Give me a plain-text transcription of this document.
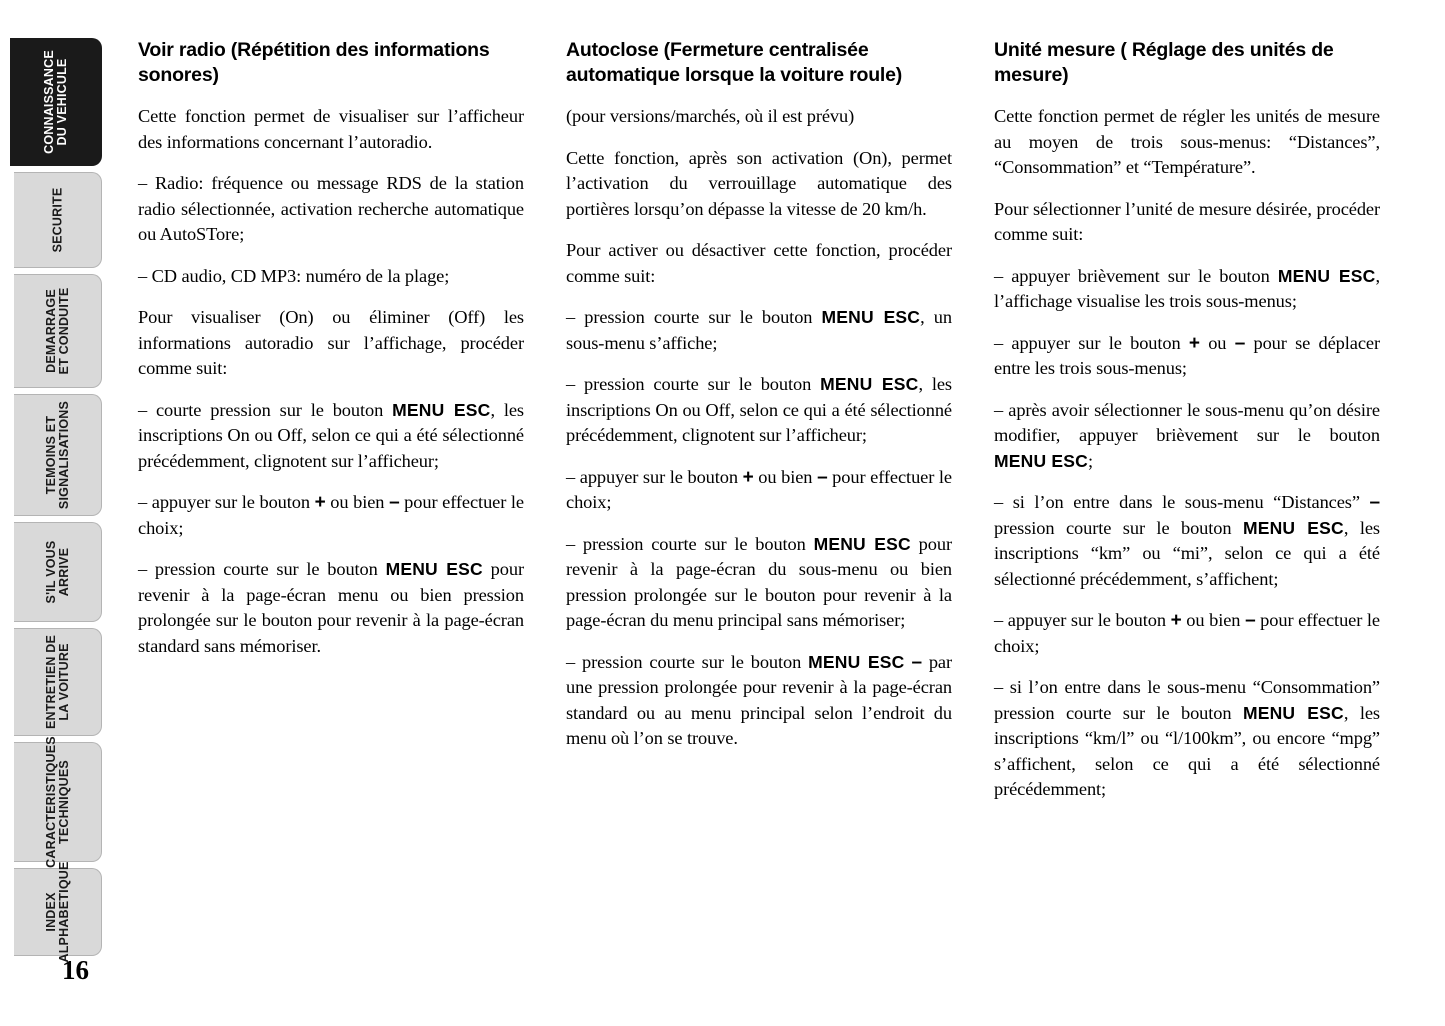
CONNAISSANCE
DU VEHICULE
SECURITE
DEMARRAGE
ET CONDUITE
TEMOINS ET
SIGNALISATIONS
S'IL VOUS
ARRIVE
ENTRETIEN DE
LA VOITURE
CARACTERISTIQUES
TECHNIQUES
INDEX
ALPHABETIQUE
16
Voir radio (Répétition des informations sonores)

Cette fonction permet de visualiser sur l’afficheur des informations concernant l’autoradio.

– Radio: fréquence ou message RDS de la station radio sélectionnée, activation recherche automatique ou AutoSTore;

– CD audio, CD MP3: numéro de la plage;

Pour visualiser (On) ou éliminer (Off) les informations autoradio sur l’affichage, procéder comme suit:

– courte pression sur le bouton MENU ESC, les inscriptions On ou Off, selon ce qui a été sélectionné précédemment, clignotent sur l’afficheur;

– appuyer sur le bouton + ou bien – pour effectuer le choix;

– pression courte sur le bouton MENU ESC pour revenir à la page-écran menu ou bien pression prolongée sur le bouton pour revenir à la page-écran standard sans mémoriser.

Autoclose (Fermeture centralisée automatique lorsque la voiture roule)

(pour versions/marchés, où il est prévu)

Cette fonction, après son activation (On), permet l’activation du verrouillage automatique des portières lorsqu’on dépasse la vitesse de 20 km/h.

Pour activer ou désactiver cette fonction, procéder comme suit:

– pression courte sur le bouton MENU ESC, un sous-menu s’affiche;

– pression courte sur le bouton MENU ESC, les inscriptions On ou Off, selon ce qui a été sélectionné précédemment, clignotent sur l’afficheur;

– appuyer sur le bouton + ou bien – pour effectuer le choix;

– pression courte sur le bouton MENU ESC pour revenir à la page-écran du sous-menu ou bien pression prolongée sur le bouton pour revenir à la page-écran du menu principal sans mémoriser;

– pression courte sur le bouton MENU ESC – par une pression prolongée pour revenir à la page-écran standard ou au menu principal selon l’endroit du menu où l’on se trouve.

Unité mesure ( Réglage des unités de mesure)

Cette fonction permet de régler les unités de mesure au moyen de trois sous-menus: “Distances”, “Consommation” et “Température”.

Pour sélectionner l’unité de mesure désirée, procéder comme suit:

– appuyer brièvement sur le bouton MENU ESC, l’affichage visualise les trois sous-menus;

– appuyer sur le bouton + ou – pour se déplacer entre les trois sous-menus;

– après avoir sélectionner le sous-menu qu’on désire modifier, appuyer brièvement sur le bouton MENU ESC;

– si l’on entre dans le sous-menu “Distances” – pression courte sur le bouton MENU ESC, les inscriptions “km” ou “mi”, selon ce qui a été sélectionné précédemment, s’affichent;

– appuyer sur le bouton + ou bien – pour effectuer le choix;

– si l’on entre dans le sous-menu “Consommation” pression courte sur le bouton MENU ESC, les inscriptions “km/l” ou “l/100km”, ou encore “mpg” s’affichent, selon ce qui a été sélectionné précédemment;
